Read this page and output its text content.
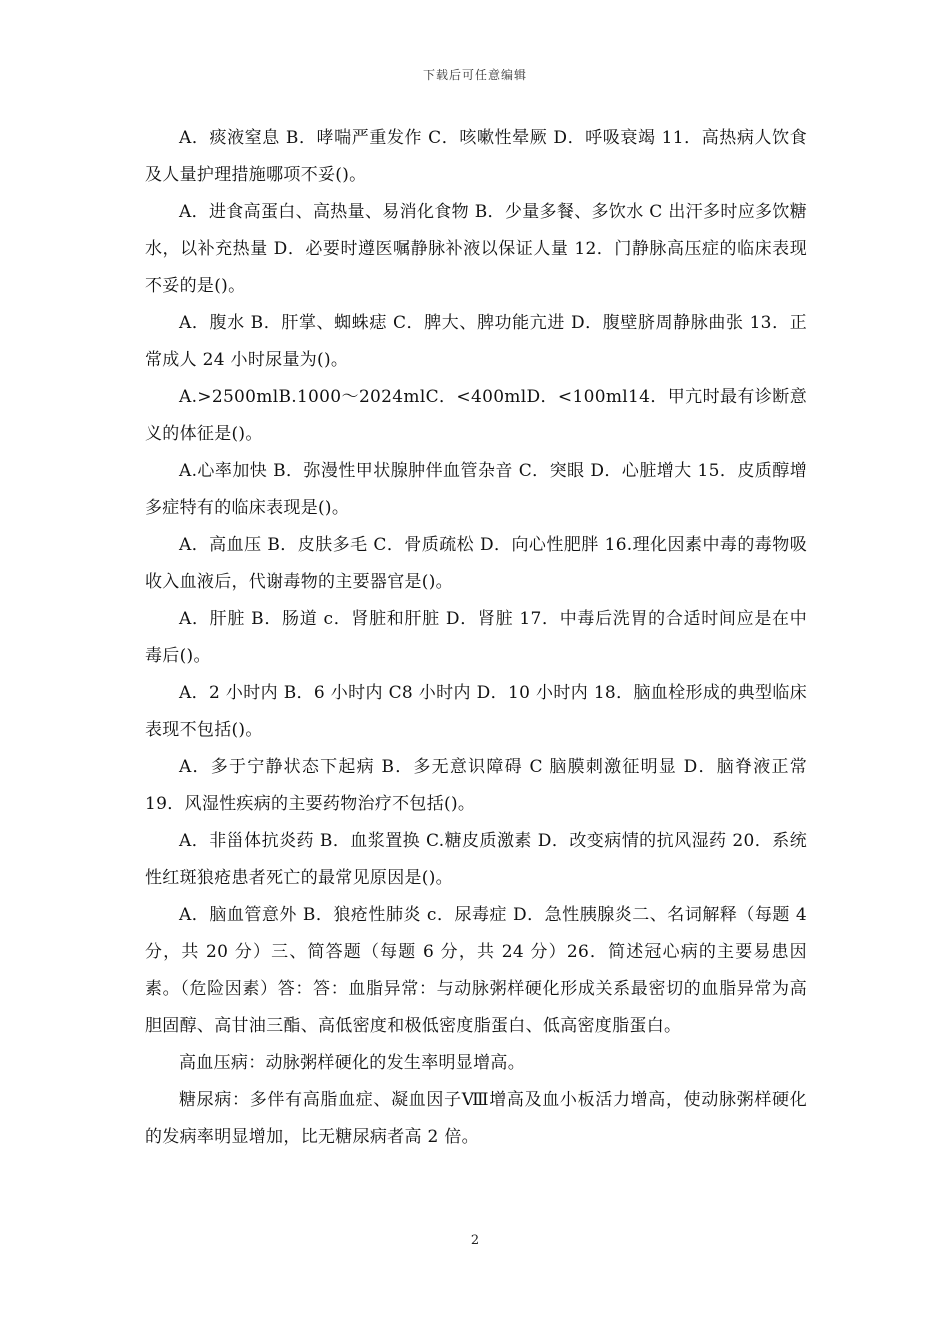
下载后可任意编辑

A．痰液窒息 B．哮喘严重发作 C．咳嗽性晕厥 D．呼吸衰竭 11．高热病人饮食及人量护理措施哪项不妥()。

A．进食高蛋白、高热量、易消化食物 B．少量多餐、多饮水 C 出汗多时应多饮糖水，以补充热量 D．必要时遵医嘱静脉补液以保证人量 12．门静脉高压症的临床表现不妥的是()。

A．腹水 B．肝掌、蜘蛛痣 C．脾大、脾功能亢进 D．腹壁脐周静脉曲张 13．正常成人 24 小时尿量为()。

A.>2500mlB.1000～2024mlC．<400mlD．<100ml14．甲亢时最有诊断意义的体征是()。

A.心率加快 B．弥漫性甲状腺肿伴血管杂音 C．突眼 D．心脏增大 15．皮质醇增多症特有的临床表现是()。

A．高血压 B．皮肤多毛 C．骨质疏松 D．向心性肥胖 16.理化因素中毒的毒物吸收入血液后，代谢毒物的主要器官是()。

A．肝脏 B．肠道 c．肾脏和肝脏 D．肾脏 17．中毒后洗胃的合适时间应是在中毒后()。

A．2 小时内 B．6 小时内 C8 小时内 D．10 小时内 18．脑血栓形成的典型临床表现不包括()。

A．多于宁静状态下起病 B．多无意识障碍 C 脑膜刺激征明显 D．脑脊液正常 19．风湿性疾病的主要药物治疗不包括()。

A．非甾体抗炎药 B．血浆置换 C.糖皮质激素 D．改变病情的抗风湿药 20．系统性红斑狼疮患者死亡的最常见原因是()。

A．脑血管意外 B．狼疮性肺炎 c．尿毒症 D．急性胰腺炎二、名词解释（每题 4 分，共 20 分）三、简答题（每题 6 分，共 24 分）26．简述冠心病的主要易患因素。（危险因素）答：答：血脂异常：与动脉粥样硬化形成关系最密切的血脂异常为高胆固醇、高甘油三酯、高低密度和极低密度脂蛋白、低高密度脂蛋白。

高血压病：动脉粥样硬化的发生率明显增高。

糖尿病：多伴有高脂血症、凝血因子Ⅷ增高及血小板活力增高，使动脉粥样硬化的发病率明显增加，比无糖尿病者高 2 倍。

2
